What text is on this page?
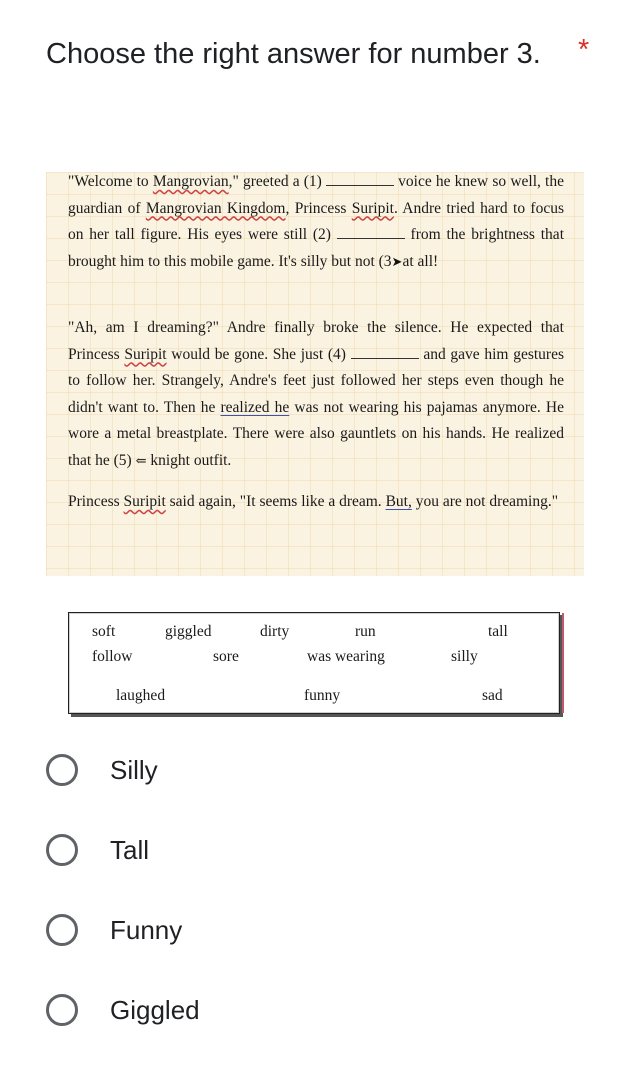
Choose the right answer for number 3.	*
"Welcome to Mangrovian," greeted a (1)	voice he knew so well, the guardian of Mangrovian Kingdom, Princess Suripit. Andre tried hard to focus on her tall figure. His eyes were still (2)	from the brightness that brought him to this mobile game. It's silly but not (3➤at all!
"Ah, am I dreaming?" Andre finally broke the silence. He expected that Princess Suripit would be gone. She just (4)	and gave him gestures to follow her. Strangely, Andre's feet just followed her steps even though he didn't want to. Then he realized he was not wearing his pajamas anymore. He wore a metal breastplate. There were also gauntlets on his hands. He realized that he (5) ⇐ knight outfit.
Princess Suripit said again, "It seems like a dream. But, you are not dreaming."
soft	giggled	dirty	run	tall
follow	sore	was wearing	silly
laughed	funny	sad
Silly
Tall
Funny
Giggled
